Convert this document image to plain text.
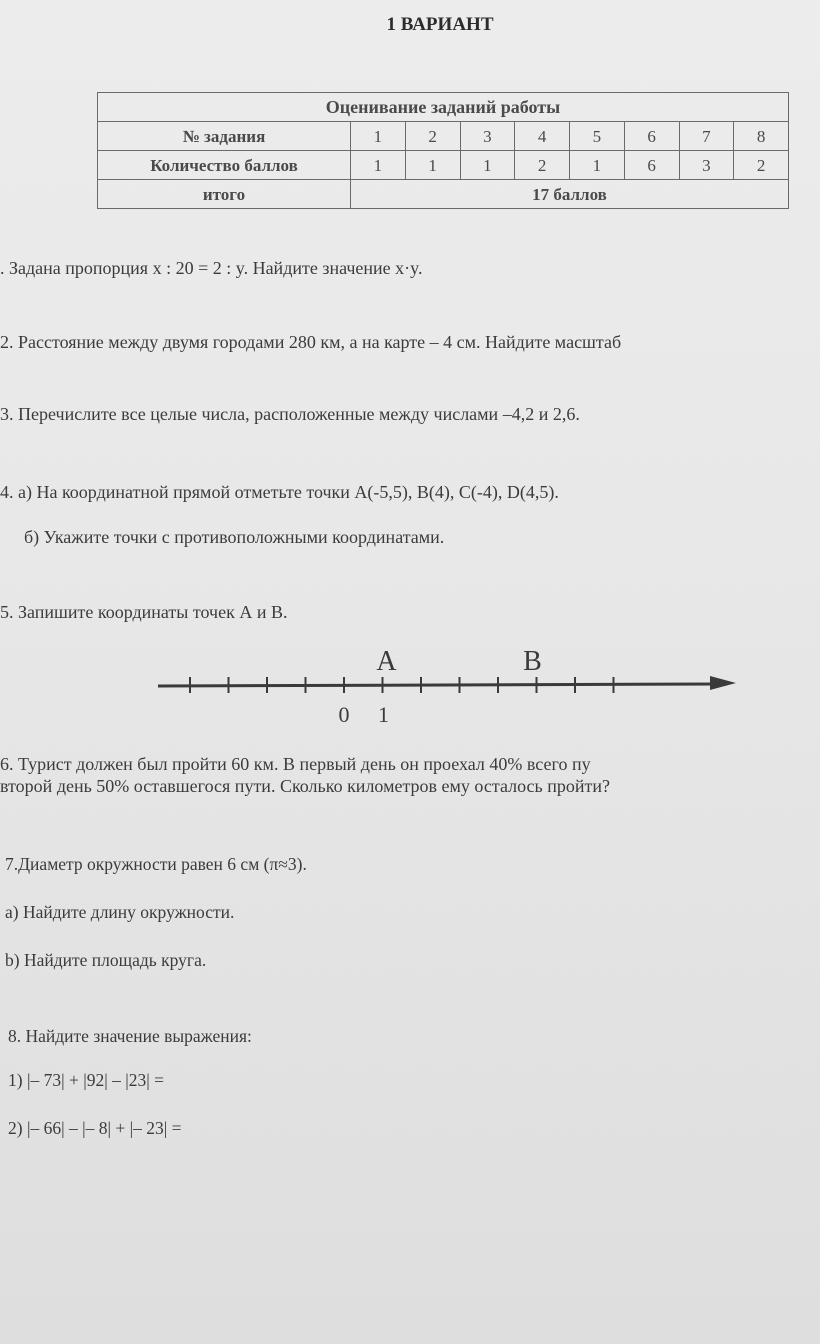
1 ВАРИАНТ
Оценивание заданий работы								
№ задания	1	2	3	4	5	6	7	8
Количество баллов	1	1	1	2	1	6	3	2
итого	17 баллов							
. Задана пропорция x : 20 = 2 : y. Найдите значение x·y.
2. Расстояние между двумя городами 280 км, а на карте – 4 см. Найдите масштаб
3. Перечислите все целые числа, расположенные между числами –4,2 и 2,6.
4. а) На координатной прямой отметьте точки A(-5,5), B(4), C(-4), D(4,5).
б) Укажите точки с противоположными координатами.
5. Запишите координаты точек А и В.
0 1
А	В
6. Турист должен был пройти 60 км. В первый день он проехал 40% всего пу
второй день 50% оставшегося пути. Сколько километров ему осталось пройти?
7.Диаметр окружности равен 6 см (π≈3).
а) Найдите длину окружности.
b) Найдите площадь круга.
8. Найдите значение выражения:
1) |– 73| + |92| – |23| =
2) |– 66| – |– 8| + |– 23| =
